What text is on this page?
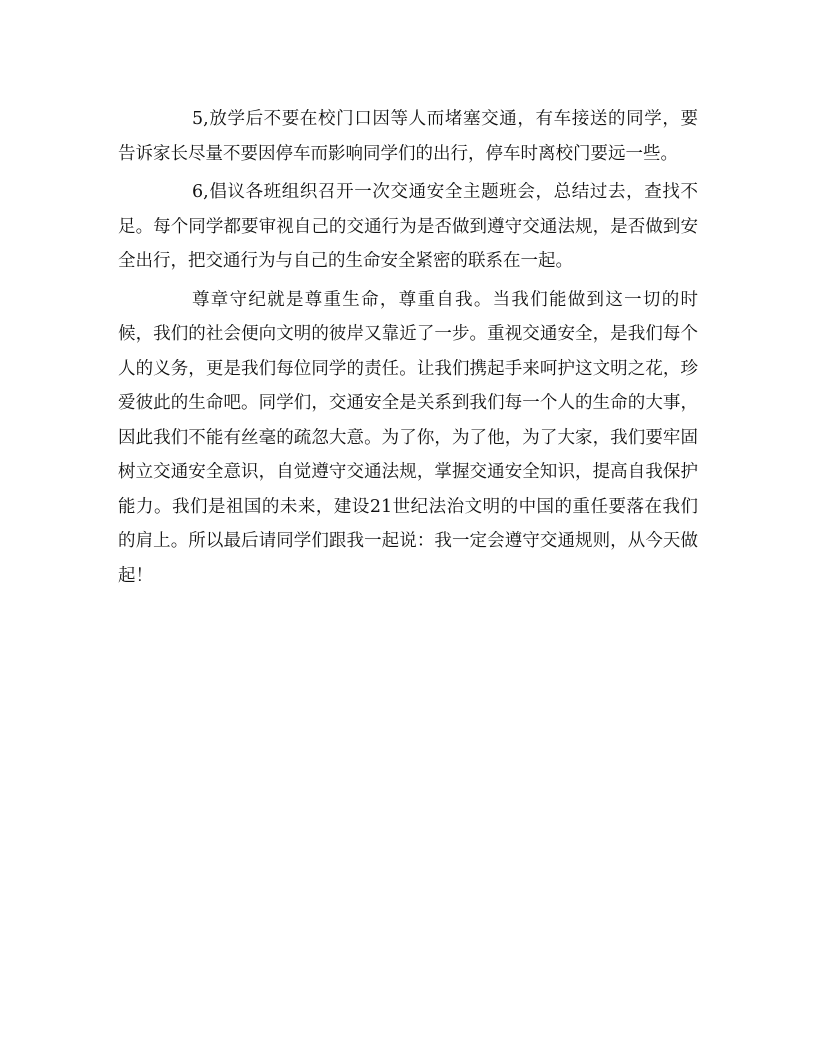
5,放学后不要在校门口因等人而堵塞交通，有车接送的同学，要告诉家长尽量不要因停车而影响同学们的出行，停车时离校门要远一些。

6,倡议各班组织召开一次交通安全主题班会，总结过去，查找不足。每个同学都要审视自己的交通行为是否做到遵守交通法规，是否做到安全出行，把交通行为与自己的生命安全紧密的联系在一起。

尊章守纪就是尊重生命，尊重自我。当我们能做到这一切的时候，我们的社会便向文明的彼岸又靠近了一步。重视交通安全，是我们每个人的义务，更是我们每位同学的责任。让我们携起手来呵护这文明之花，珍爱彼此的生命吧。同学们，交通安全是关系到我们每一个人的生命的大事，因此我们不能有丝毫的疏忽大意。为了你，为了他，为了大家，我们要牢固树立交通安全意识，自觉遵守交通法规，掌握交通安全知识，提高自我保护能力。我们是祖国的未来，建设21世纪法治文明的中国的重任要落在我们的肩上。所以最后请同学们跟我一起说：我一定会遵守交通规则，从今天做起！
